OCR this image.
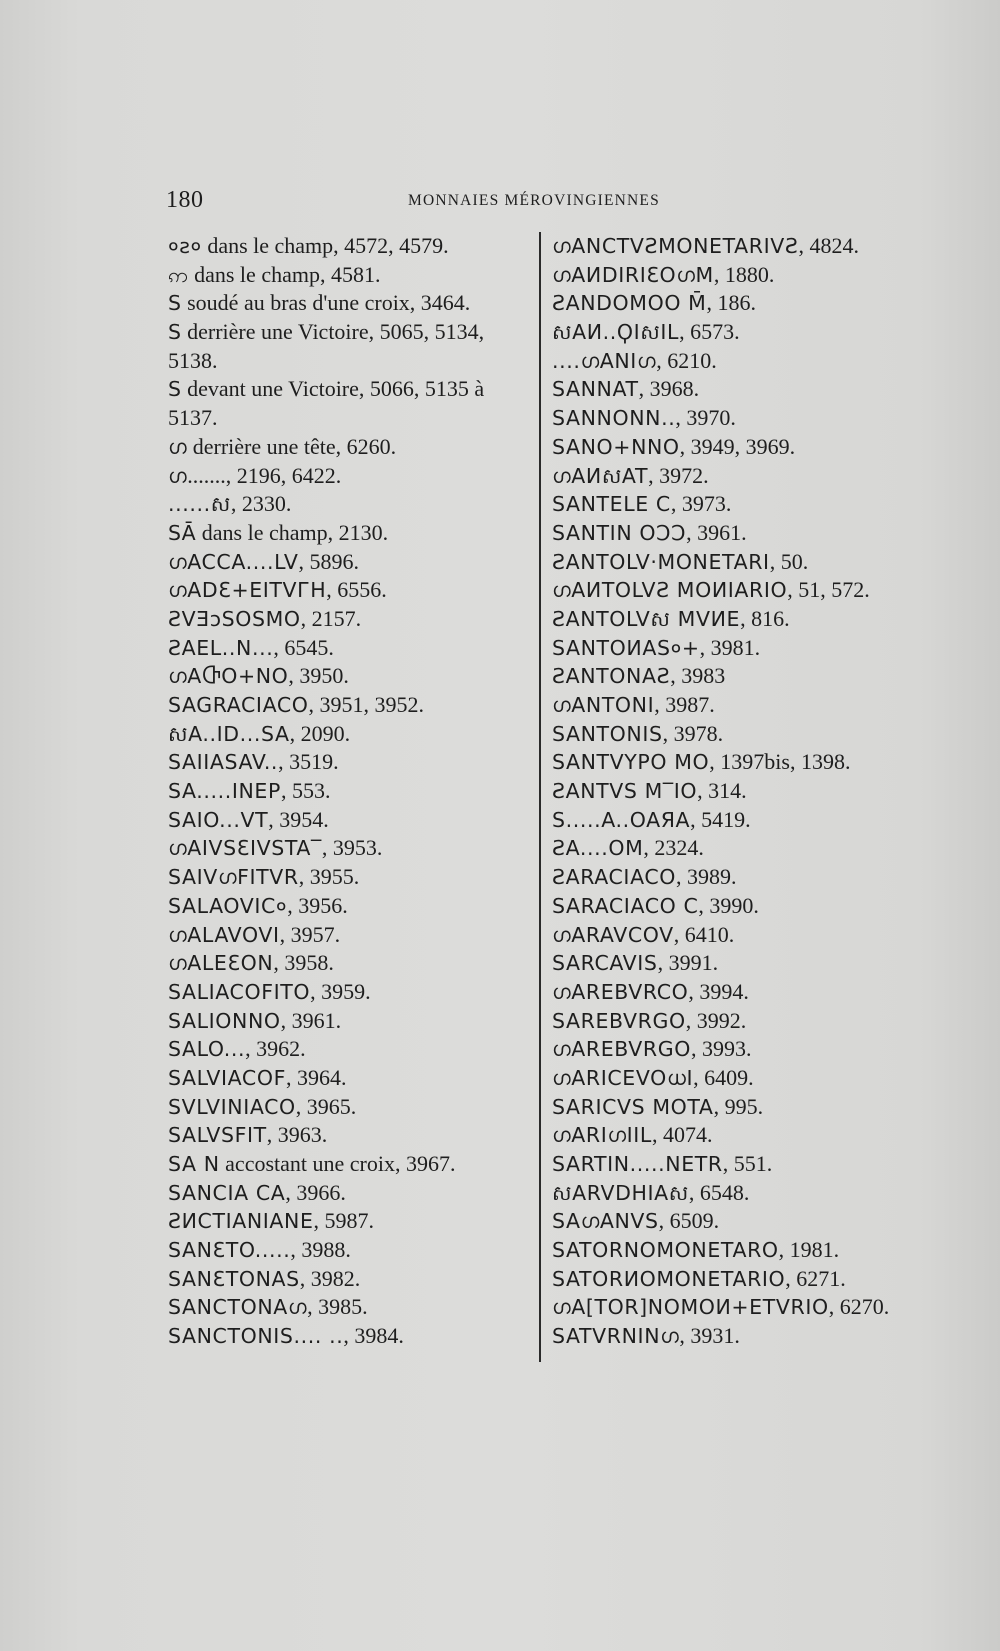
180	MONNAIES MÉROVINGIENNES
०ƨ० dans le champ, 4572, 4579.
ဢ dans le champ, 4581.
S soudé au bras d'une croix, 3464.
S derrière une Victoire, 5065, 5134,
5138.
S devant une Victoire, 5066, 5135 à
5137.
ഗ derrière une tête, 6260.
ഗ......., 2196, 6422.
......ស, 2330.
SĀ dans le champ, 2130.
ഗACCA....LV, 5896.
ഗADƐ+EITVГH, 6556.
ƧVƎↄSOSMO, 2157.
ƧAEL..N..., 6545.
ഗAႧO+NO, 3950.
SAGRACIACO, 3951, 3952.
សA..ID...SA, 2090.
SAIIASAV.., 3519.
SA.....INEP, 553.
SAIO...VT, 3954.
ഗAIVSƐIVSTA‾, 3953.
SAIVഗFITVR, 3955.
SALAOVIC०, 3956.
ഗALAVOVI, 3957.
ഗALEƐON, 3958.
SALIACOFITO, 3959.
SALIONNO, 3961.
SALO..., 3962.
SALVIACOF, 3964.
SVLVINIACO, 3965.
SALVSFIT, 3963.
SA N accostant une croix, 3967.
SANCIA CA, 3966.
ƧИCTIANIANE, 5987.
SANƐTO....., 3988.
SANƐTONAS, 3982.
SANCTONAഗ, 3985.
SANCTONIS.... .., 3984.
ഗANCTVƧMONETARIVƧ, 4824.
ഗAИDIRIƐOഗM, 1880.
ƧANDOMOO M̄, 186.
សAИ..ϘIសIL, 6573.
....ഗANIഗ, 6210.
SANNAT, 3968.
SANNONN.., 3970.
SANO+NNO, 3949, 3969.
ഗAИសAT, 3972.
SANTELE C, 3973.
SANTIN OϽϽ, 3961.
ƧANTOLV·MONETARI, 50.
ഗAИTOLVƧ MOИIARIO, 51, 572.
ƧANTOLVស MVИE, 816.
SANTOИAS०+, 3981.
ƧANTONAƧ, 3983
ഗANTONI, 3987.
SANTONIS, 3978.
SANTVYPO MO, 1397bis, 1398.
ƧANTVS M‾IO, 314.
S.....A..OAЯA, 5419.
ƧA....OM, 2324.
ƧARACIACO, 3989.
SARACIACO C, 3990.
ഗARAVCOV, 6410.
SARCAVIS, 3991.
ഗAREBVRCO, 3994.
SAREBVRGO, 3992.
ഗAREBVRGO, 3993.
ഗARICEVOധI, 6409.
SARICVS MOTA, 995.
ഗARIഗIIL, 4074.
SARTIN.....NETR, 551.
សARVDHIAស, 6548.
SAഗANVS, 6509.
SATORNOMONETARO, 1981.
SATORИOMONETARIO, 6271.
ഗA[TOR]NOMOИ+ETVRIO, 6270.
SATVRNINഗ, 3931.
